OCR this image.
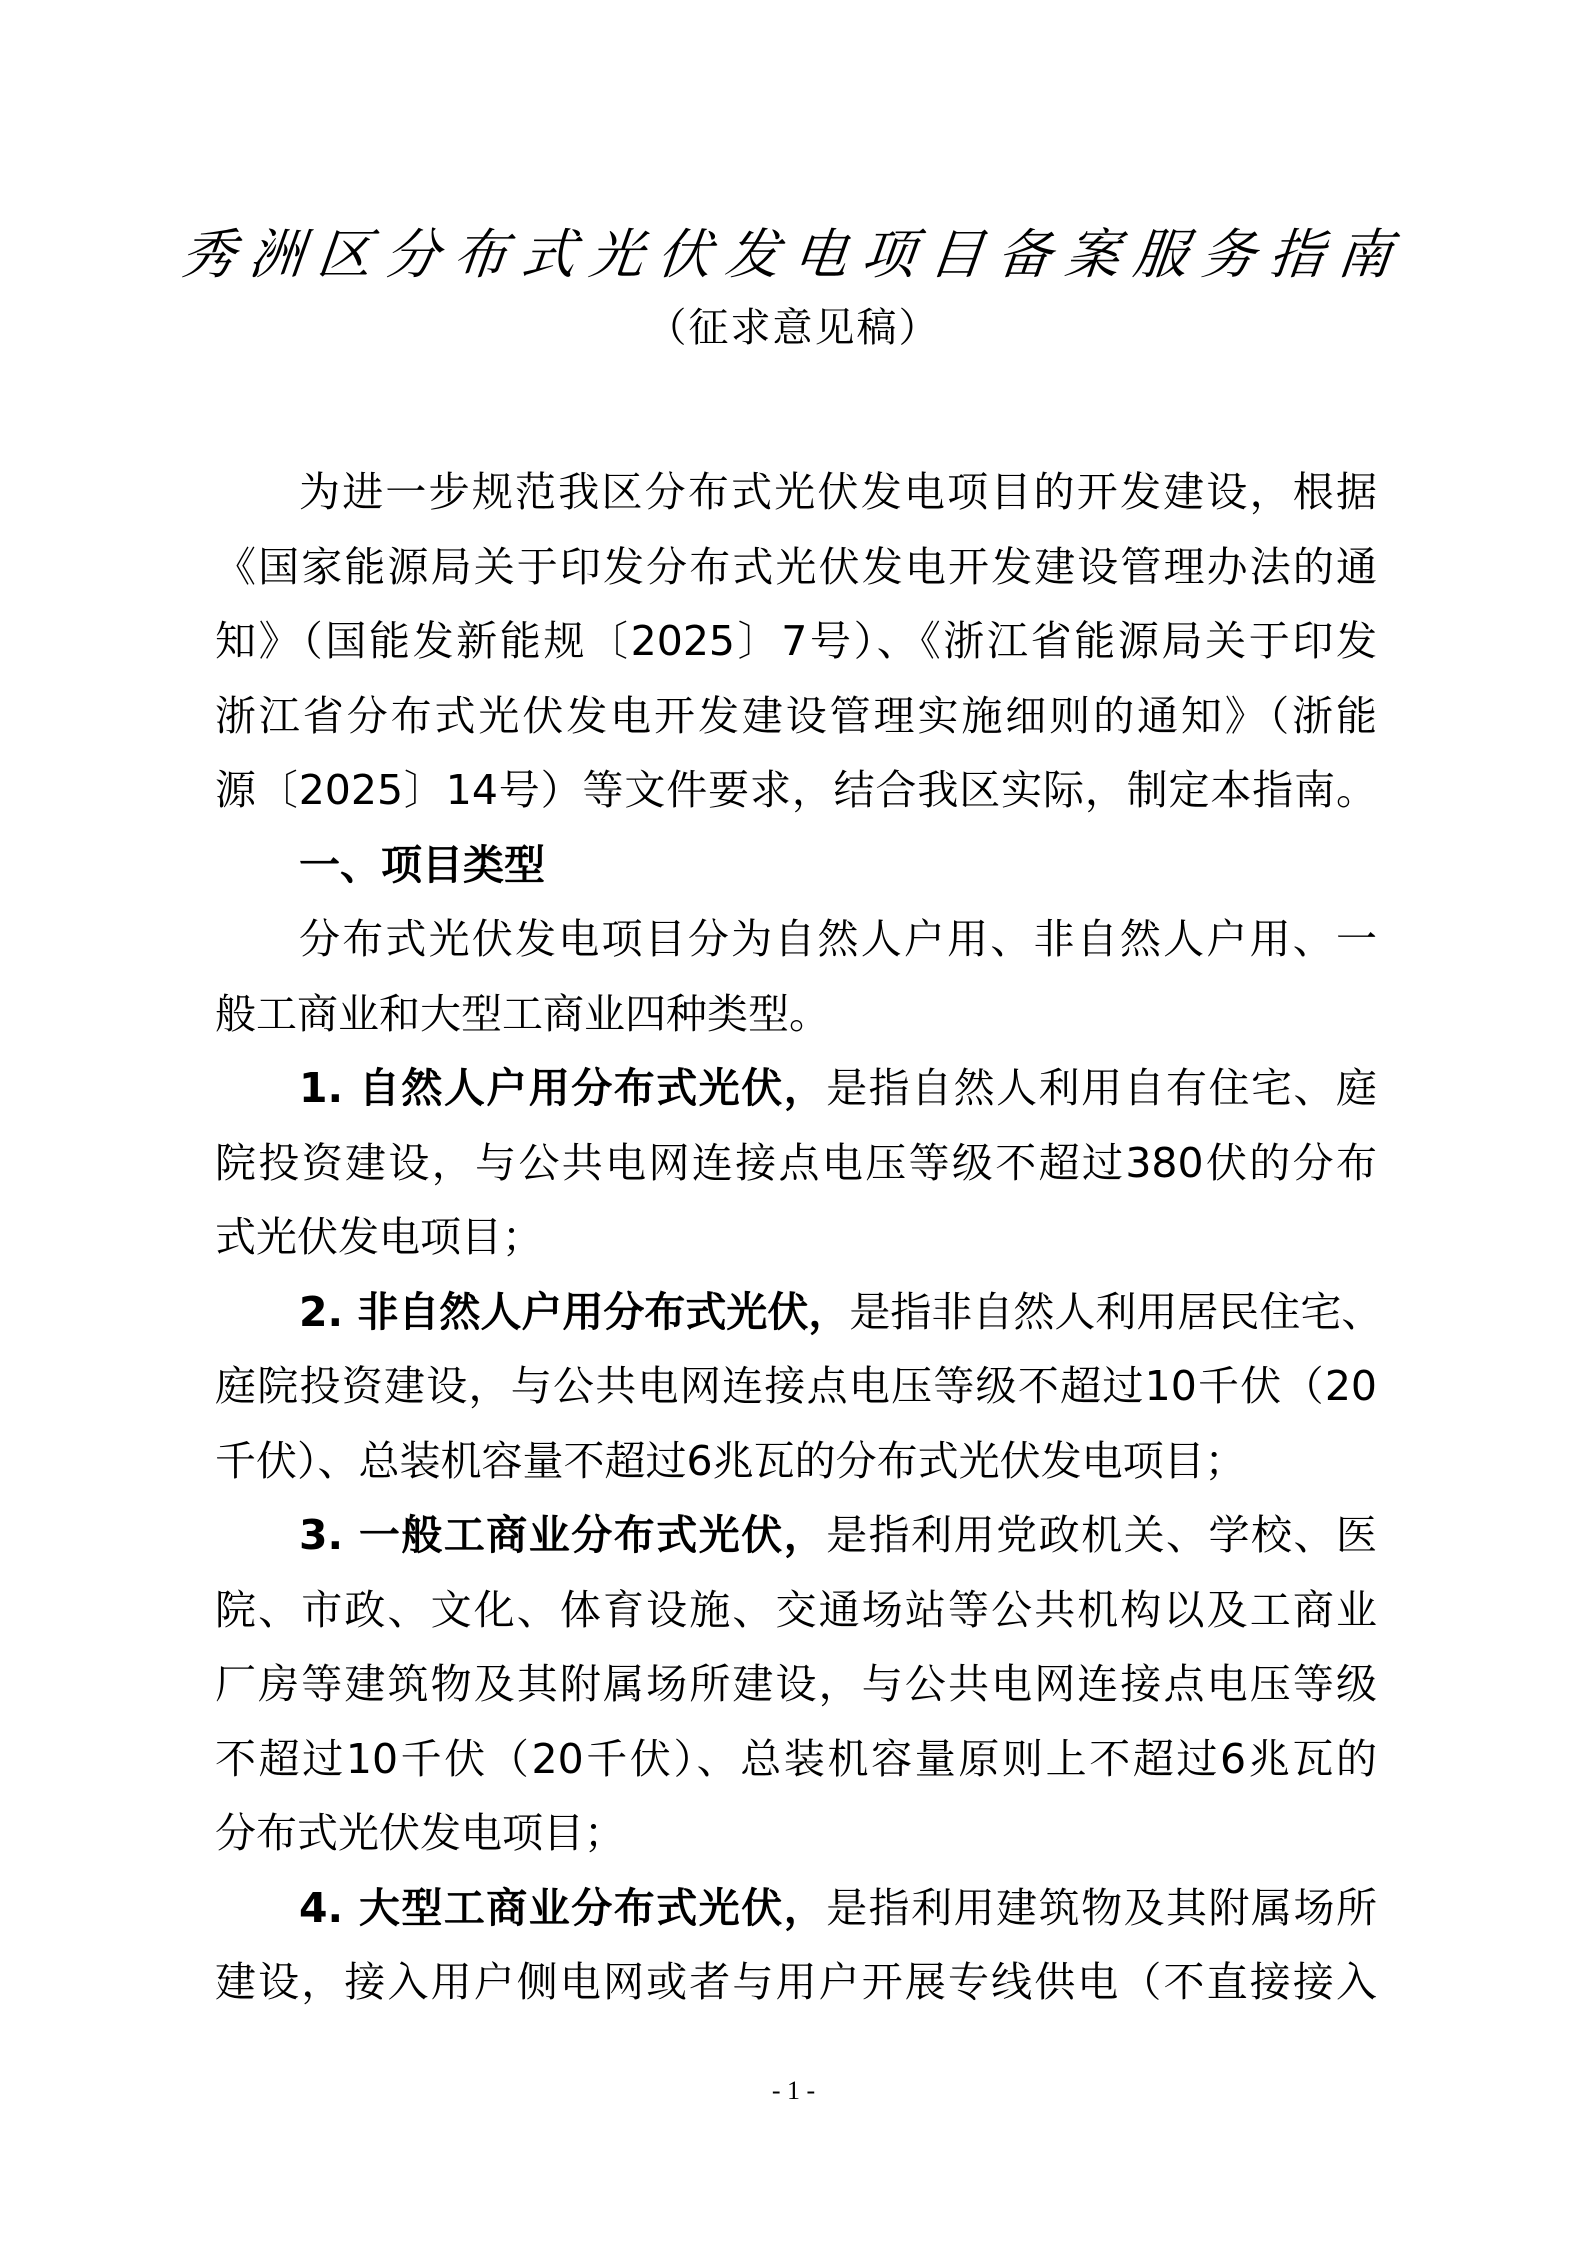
秀洲区分布式光伏发电项目备案服务指南
（征求意见稿）
为进一步规范我区分布式光伏发电项目的开发建设，根据
《国家能源局关于印发分布式光伏发电开发建设管理办法的通
知》（国能发新能规〔2025〕7号）、《浙江省能源局关于印发
浙江省分布式光伏发电开发建设管理实施细则的通知》（浙能
源〔2025〕14号）等文件要求，结合我区实际，制定本指南。
一、项目类型
分布式光伏发电项目分为自然人户用、非自然人户用、一
般工商业和大型工商业四种类型。
1. 自然人户用分布式光伏，是指自然人利用自有住宅、庭
院投资建设，与公共电网连接点电压等级不超过380伏的分布
式光伏发电项目；
2. 非自然人户用分布式光伏，是指非自然人利用居民住宅、
庭院投资建设，与公共电网连接点电压等级不超过10千伏（20
千伏）、总装机容量不超过6兆瓦的分布式光伏发电项目；
3. 一般工商业分布式光伏，是指利用党政机关、学校、医
院、市政、文化、体育设施、交通场站等公共机构以及工商业
厂房等建筑物及其附属场所建设，与公共电网连接点电压等级
不超过10千伏（20千伏）、总装机容量原则上不超过6兆瓦的
分布式光伏发电项目；
4. 大型工商业分布式光伏，是指利用建筑物及其附属场所
建设，接入用户侧电网或者与用户开展专线供电（不直接接入
- 1 -
